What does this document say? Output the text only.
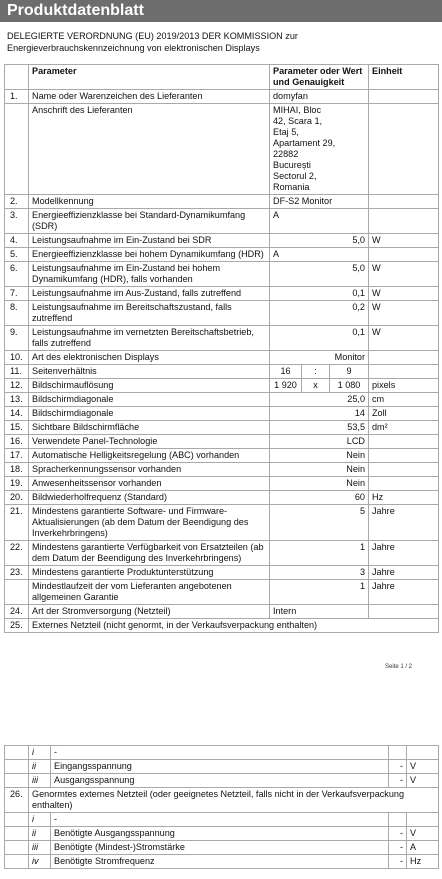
Produktdatenblatt
DELEGIERTE VERORDNUNG (EU) 2019/2013 DER KOMMISSION zur Energieverbrauchskennzeichnung von elektronischen Displays
	Parameter	Parameter oder Wert und Genauigkeit			Einheit
1.	Name oder Warenzeichen des Lieferanten	domyfan			
	Anschrift des Lieferanten	MIHAI, Bloc 42, Scara 1, Etaj 5, Apartament 29, 22882 București Sectorul 2, Romania			
2.	Modellkennung	DF-S2 Monitor			
3.	Energieeffizienzklasse bei Standard-Dynamikumfang (SDR)	A			
4.	Leistungsaufnahme im Ein-Zustand bei SDR	5,0			W
5.	Energieeffizienzklasse bei hohem Dynamikumfang (HDR)	A			
6.	Leistungsaufnahme im Ein-Zustand bei hohem Dynamikumfang (HDR), falls vorhanden	5,0			W
7.	Leistungsaufnahme im Aus-Zustand, falls zutreffend	0,1			W
8.	Leistungsaufnahme im Bereitschaftszustand, falls zutreffend	0,2			W
9.	Leistungsaufnahme im vernetzten Bereitschaftsbetrieb, falls zutreffend	0,1			W
10.	Art des elektronischen Displays	Monitor			
11.	Seitenverhältnis	16	:	9	
12.	Bildschirmauflösung	1 920	x	1 080	pixels
13.	Bildschirmdiagonale	25,0			cm
14.	Bildschirmdiagonale	14			Zoll
15.	Sichtbare Bildschirmfläche	53,5			dm²
16.	Verwendete Panel-Technologie	LCD			
17.	Automatische Helligkeitsregelung (ABC) vorhanden	Nein			
18.	Spracherkennungssensor vorhanden	Nein			
19.	Anwesenheitssensor vorhanden	Nein			
20.	Bildwiederholfrequenz (Standard)	60			Hz
21.	Mindestens garantierte Software- und Firmware-Aktualisierungen (ab dem Datum der Beendigung des Inverkehrbringens)	5			Jahre
22.	Mindestens garantierte Verfügbarkeit von Ersatzteilen (ab dem Datum der Beendigung des Inverkehrbringens)	1			Jahre
23.	Mindestens garantierte Produktunterstützung	3			Jahre
	Mindestlaufzeit der vom Lieferanten angebotenen allgemeinen Garantie	1			Jahre
24.	Art der Stromversorgung (Netzteil)	Intern			
25.	Externes Netzteil (nicht genormt, in der Verkaufsverpackung enthalten)				
Seite 1 / 2
	i	-		
	ii	Eingangsspannung	-	V
	iii	Ausgangsspannung	-	V
26.	Genormtes externes Netzteil (oder geeignetes Netzteil, falls nicht in der Verkaufsverpackung enthalten)			
	i	-		
	ii	Benötigte Ausgangsspannung	-	V
	iii	Benötigte (Mindest-)Stromstärke	-	A
	iv	Benötigte Stromfrequenz	-	Hz
